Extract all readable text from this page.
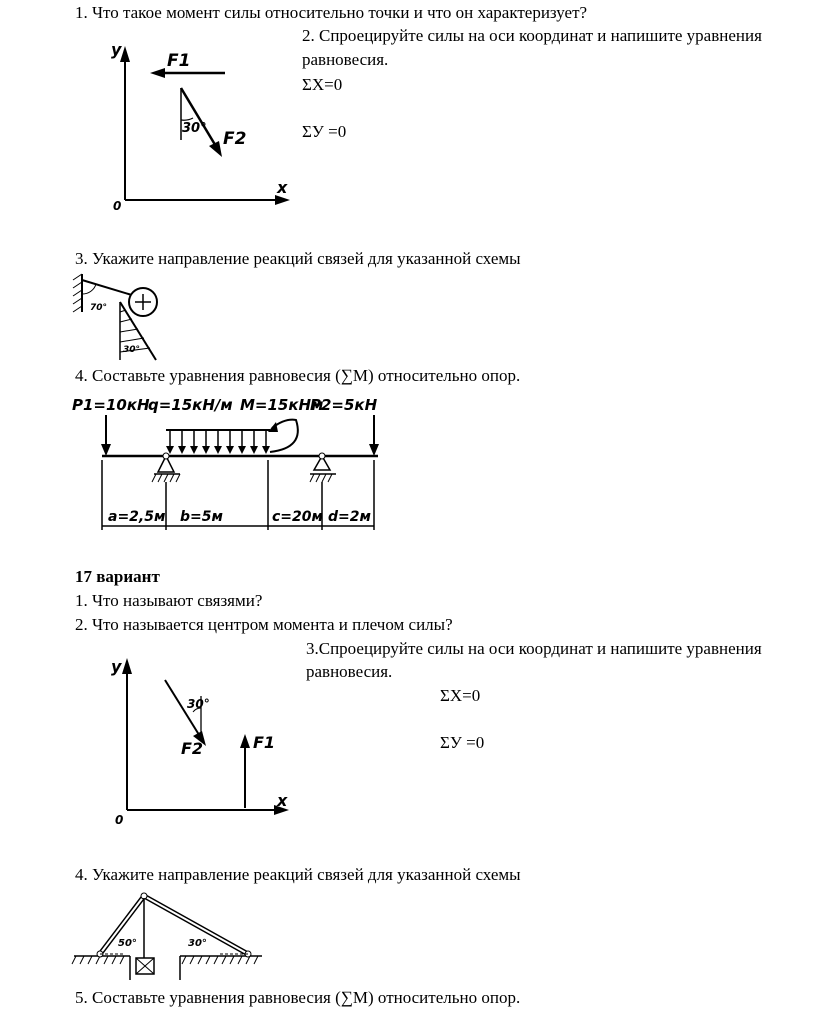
1. Что такое момент силы относительно точки и что он характеризует?

2. Спроецируйте силы на оси координат и напишите уравнения

равновесия.

ΣX=0

ΣУ =0

y
x
0
F1
30°
F2

3. Укажите направление реакций связей для указанной схемы

70°
30°

4. Составьте уравнения равновесия (∑M) относительно опор.

P1=10кН
q=15кН/м M=15кНм
P2=5кН
a=2,5м b=5м	c=20м d=2м

17 вариант

1. Что называют связями?

2. Что называется центром момента и плечом силы?

3.Спроецируйте силы на оси координат и напишите уравнения

равновесия.

ΣX=0

ΣУ =0

y
x
0
30°
F2	F1

4. Укажите направление реакций связей для указанной схемы

50°	30°

5. Составьте уравнения равновесия (∑M) относительно опор.
